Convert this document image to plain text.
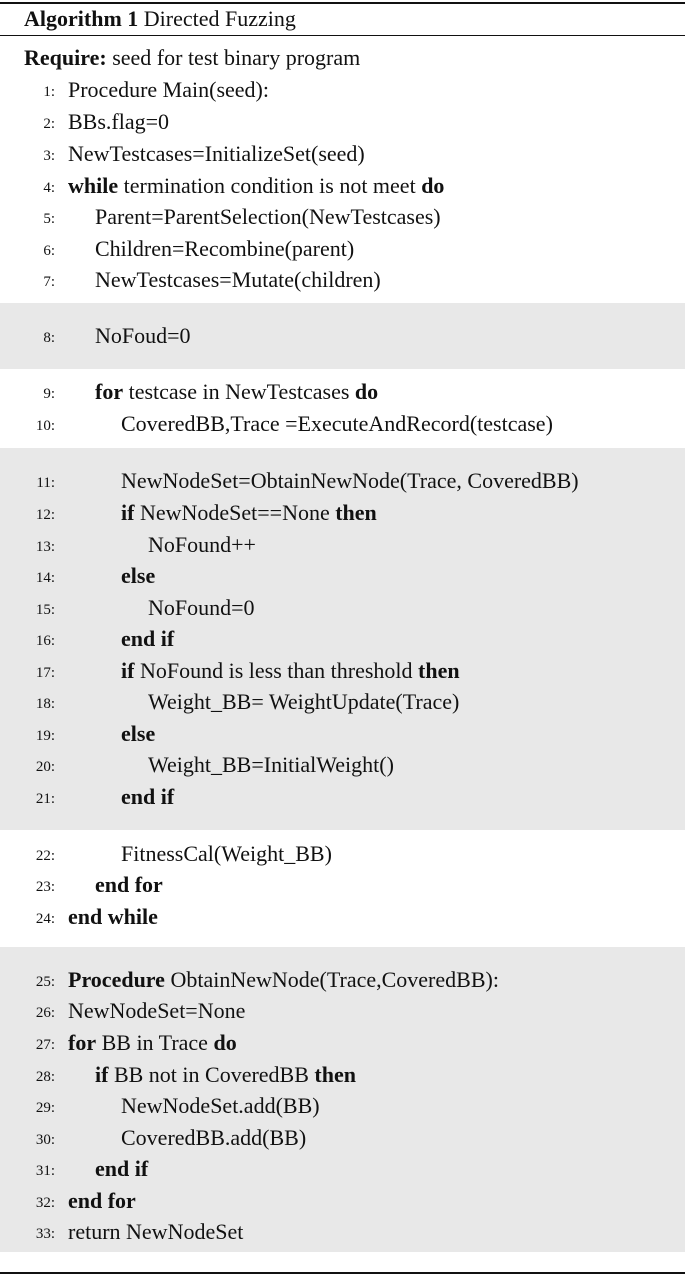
Algorithm 1 Directed Fuzzing
Require: seed for test binary program
1: Procedure Main(seed):
2: BBs.flag=0
3: NewTestcases=InitializeSet(seed)
4: while termination condition is not meet do
5: Parent=ParentSelection(NewTestcases)
6: Children=Recombine(parent)
7: NewTestcases=Mutate(children)
8: NoFoud=0
9: for testcase in NewTestcases do
10:	CoveredBB,Trace =ExecuteAndRecord(testcase)
11:	NewNodeSet=ObtainNewNode(Trace, CoveredBB)
12:	if NewNodeSet==None then
13:	NoFound++
14:	else
15:	NoFound=0
16:	end if
17:	if NoFound is less than threshold then
18:	Weight_BB= WeightUpdate(Trace)
19:	else
20:	Weight_BB=InitialWeight()
21:	end if
22:	FitnessCal(Weight_BB)
23: end for
24: end while
25: Procedure ObtainNewNode(Trace,CoveredBB):
26: NewNodeSet=None
27: for BB in Trace do
28: if BB not in CoveredBB then
29:	NewNodeSet.add(BB)
30:	CoveredBB.add(BB)
31: end if
32: end for
33: return NewNodeSet
